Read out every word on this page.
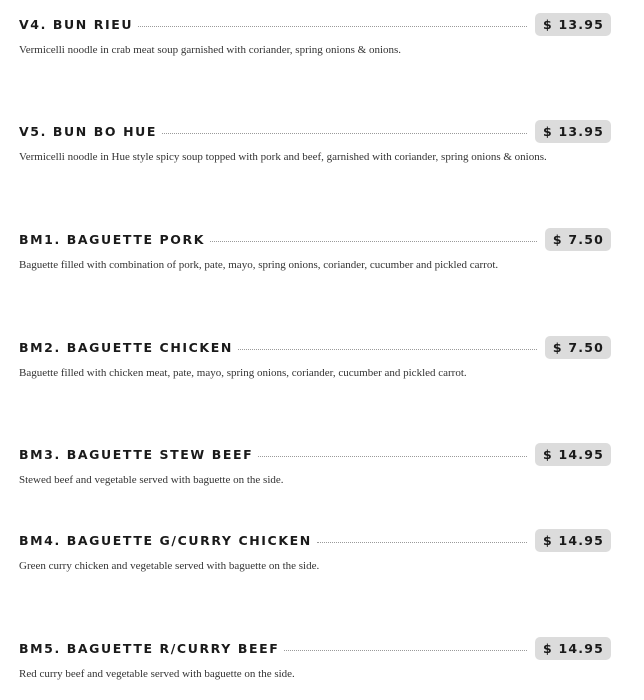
V4. BUN RIEU	$ 13.95
Vermicelli noodle in crab meat soup garnished with coriander, spring onions & onions.
V5. BUN BO HUE	$ 13.95
Vermicelli noodle in Hue style spicy soup topped with pork and beef, garnished with coriander, spring onions & onions.
BM1. BAGUETTE PORK	$ 7.50
Baguette filled with combination of pork, pate, mayo, spring onions, coriander, cucumber and pickled carrot.
BM2. BAGUETTE CHICKEN	$ 7.50
Baguette filled with chicken meat, pate, mayo, spring onions, coriander, cucumber and pickled carrot.
BM3. BAGUETTE STEW BEEF	$ 14.95
Stewed beef and vegetable served with baguette on the side.
BM4. BAGUETTE G/CURRY CHICKEN	$ 14.95
Green curry chicken and vegetable served with baguette on the side.
BM5. BAGUETTE R/CURRY BEEF	$ 14.95
Red curry beef and vegetable served with baguette on the side.
